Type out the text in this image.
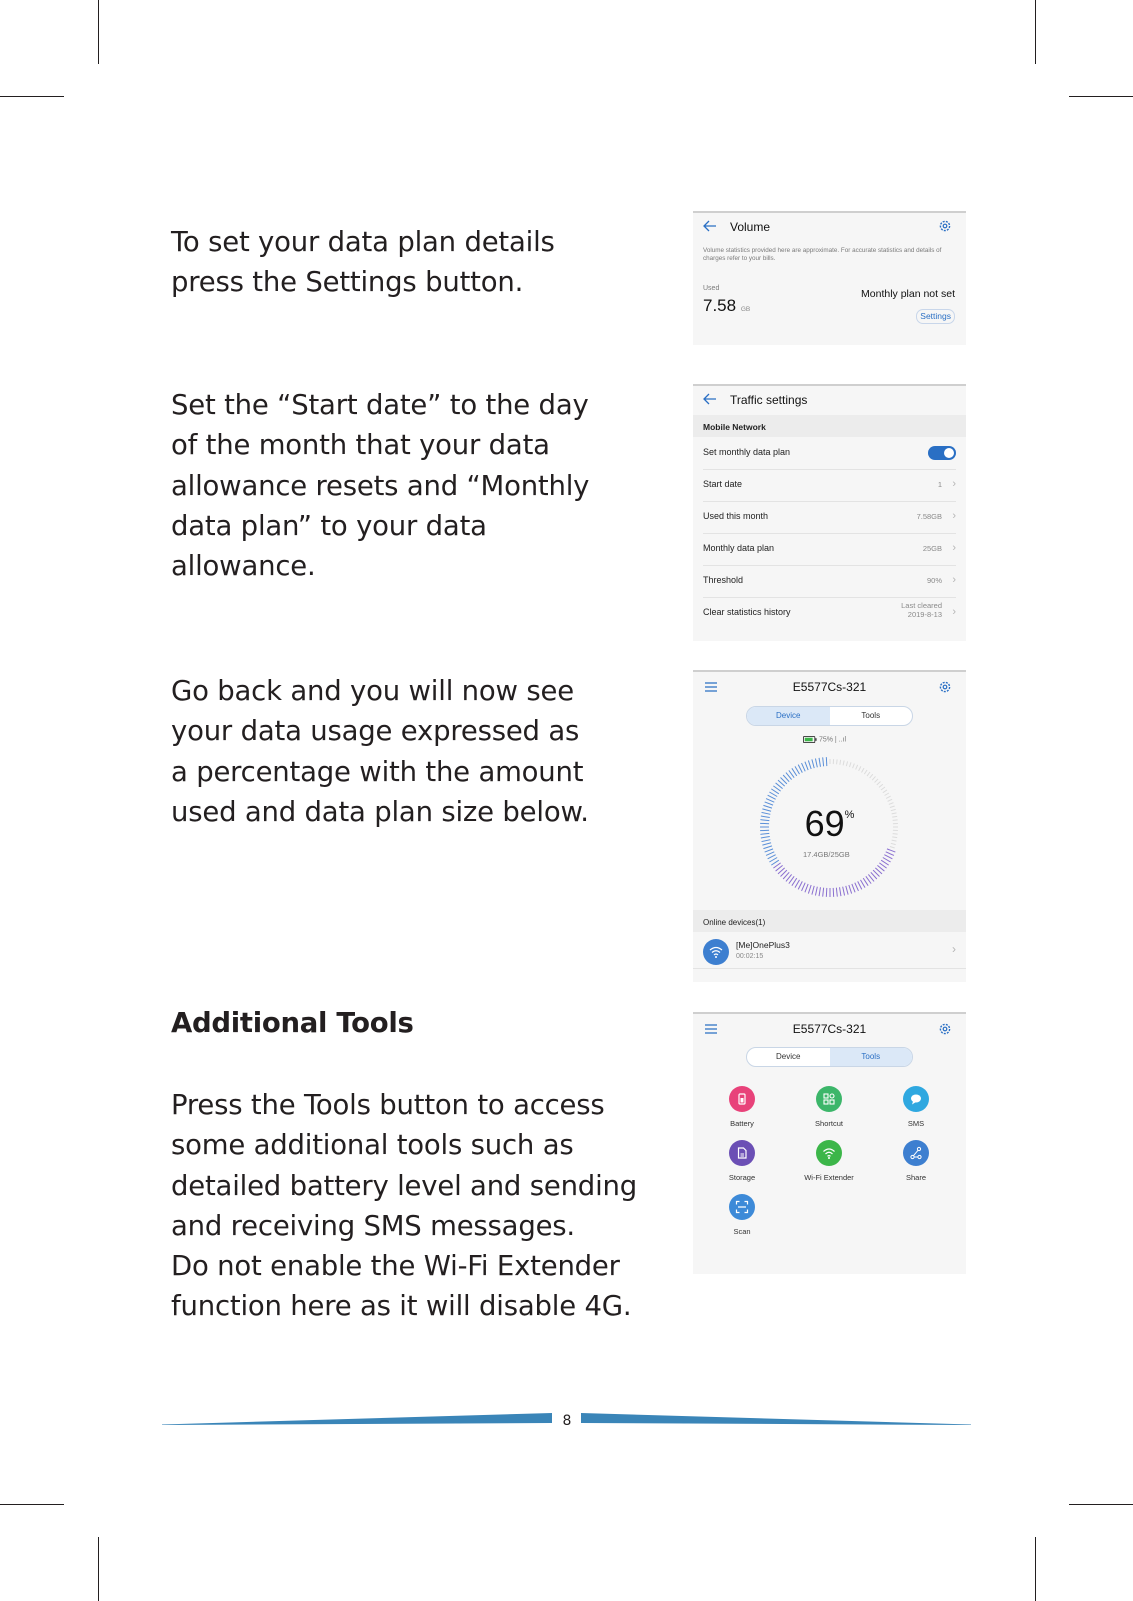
To set your data plan details press the Settings button.

Set the “Start date” to the day of the month that your data allowance resets and “Monthly data plan” to your data allowance.

Go back and you will now see your data usage expressed as a percentage with the amount used and data plan size below.

Additional Tools

Press the Tools button to access some additional tools such as detailed battery level and sending and receiving SMS messages.

Do not enable the Wi-Fi Extender function here as it will disable 4G.

Volume
Volume statistics provided here are approximate. For accurate statistics and details of charges refer to your bills.
Used
7.58 GB
Monthly plan not set
Settings
Traffic settings
Mobile Network
Set monthly data plan
Start date	1 ›
Used this month	7.58GB ›
Monthly data plan	25GB ›
Threshold	90% ›
Clear statistics history
Last cleared
2019-8-13 ›
E5577Cs-321
Device	Tools
75% | ..ıl
69%
17.4GB/25GB
Online devices(1)
[Me]OnePlus3
00:02:15
›
E5577Cs-321
Device	Tools
Battery	Shortcut	SMS
Storage	Wi-Fi Extender	Share
Scan
8
